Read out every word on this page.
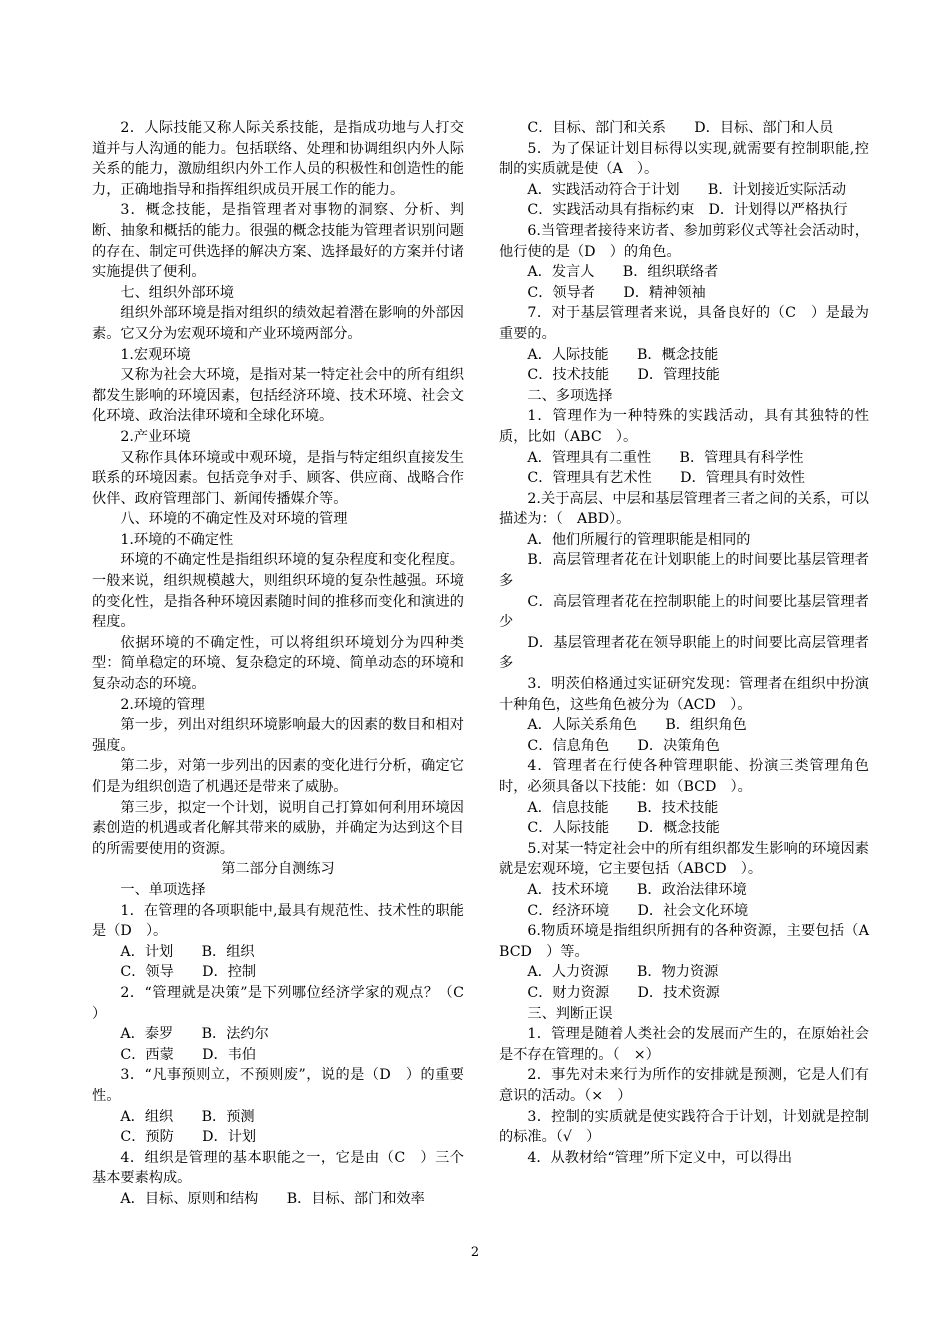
2．人际技能又称人际关系技能，是指成功地与人打交道并与人沟通的能力。包括联络、处理和协调组织内外人际关系的能力，激励组织内外工作人员的积极性和创造性的能力，正确地指导和指挥组织成员开展工作的能力。
3．概念技能，是指管理者对事物的洞察、分析、判断、抽象和概括的能力。很强的概念技能为管理者识别问题的存在、制定可供选择的解决方案、选择最好的方案并付诸实施提供了便利。
七、组织外部环境
组织外部环境是指对组织的绩效起着潜在影响的外部因素。它又分为宏观环境和产业环境两部分。
1.宏观环境
又称为社会大环境，是指对某一特定社会中的所有组织都发生影响的环境因素，包括经济环境、技术环境、社会文化环境、政治法律环境和全球化环境。
2.产业环境
又称作具体环境或中观环境，是指与特定组织直接发生联系的环境因素。包括竞争对手、顾客、供应商、战略合作伙伴、政府管理部门、新闻传播媒介等。
八、环境的不确定性及对环境的管理
1.环境的不确定性
环境的不确定性是指组织环境的复杂程度和变化程度。一般来说，组织规模越大，则组织环境的复杂性越强。环境的变化性，是指各种环境因素随时间的推移而变化和演进的程度。
依据环境的不确定性，可以将组织环境划分为四种类型：简单稳定的环境、复杂稳定的环境、简单动态的环境和复杂动态的环境。
2.环境的管理
第一步，列出对组织环境影响最大的因素的数目和相对强度。
第二步，对第一步列出的因素的变化进行分析，确定它们是为组织创造了机遇还是带来了威胁。
第三步，拟定一个计划，说明自己打算如何利用环境因素创造的机遇或者化解其带来的威胁，并确定为达到这个目的所需要使用的资源。
第二部分自测练习
一、单项选择
1．在管理的各项职能中,最具有规范性、技术性的职能是（D　）。
A．计划　　B．组织
C．领导　　D．控制
2．“管理就是决策”是下列哪位经济学家的观点？（C　）
A．泰罗　　B．法约尔
C．西蒙　　D．韦伯
3．“凡事预则立，不预则废”，说的是（D　）的重要性。
A．组织　　B．预测
C．预防　　D．计划
4．组织是管理的基本职能之一，它是由（C　）三个基本要素构成。
A．目标、原则和结构　　B．目标、部门和效率
C．目标、部门和关系　　D．目标、部门和人员
5．为了保证计划目标得以实现,就需要有控制职能,控制的实质就是使（A　）。
A．实践活动符合于计划　　B．计划接近实际活动
C．实践活动具有指标约束　D．计划得以严格执行
6.当管理者接待来访者、参加剪彩仪式等社会活动时，他行使的是（D　）的角色。
A．发言人　　B．组织联络者
C．领导者　　D．精神领袖
7．对于基层管理者来说，具备良好的（C　）是最为重要的。
A．人际技能　　B．概念技能
C．技术技能　　D．管理技能
二、多项选择
1．管理作为一种特殊的实践活动，具有其独特的性质，比如（ABC　）。
A．管理具有二重性　　B．管理具有科学性
C．管理具有艺术性　　D．管理具有时效性
2.关于高层、中层和基层管理者三者之间的关系，可以描述为：（　ABD）。
A．他们所履行的管理职能是相同的
B．高层管理者花在计划职能上的时间要比基层管理者多
C．高层管理者花在控制职能上的时间要比基层管理者少
D．基层管理者花在领导职能上的时间要比高层管理者多
3．明茨伯格通过实证研究发现：管理者在组织中扮演十种角色，这些角色被分为（ACD　）。
A．人际关系角色　　B．组织角色
C．信息角色　　D．决策角色
4．管理者在行使各种管理职能、扮演三类管理角色时，必须具备以下技能：如（BCD　）。
A．信息技能　　B．技术技能
C．人际技能　　D．概念技能
5.对某一特定社会中的所有组织都发生影响的环境因素就是宏观环境，它主要包括（ABCD　）。
A．技术环境　　B．政治法律环境
C．经济环境　　D．社会文化环境
6.物质环境是指组织所拥有的各种资源，主要包括（ABCD　）等。
A．人力资源　　B．物力资源
C．财力资源　　D．技术资源
三、判断正误
1．管理是随着人类社会的发展而产生的，在原始社会是不存在管理的。（　×）
2．事先对未来行为所作的安排就是预测，它是人们有意识的活动。（×　）
3．控制的实质就是使实践符合于计划，计划就是控制的标准。（√　）
4．从教材给“管理”所下定义中，可以得出
2
